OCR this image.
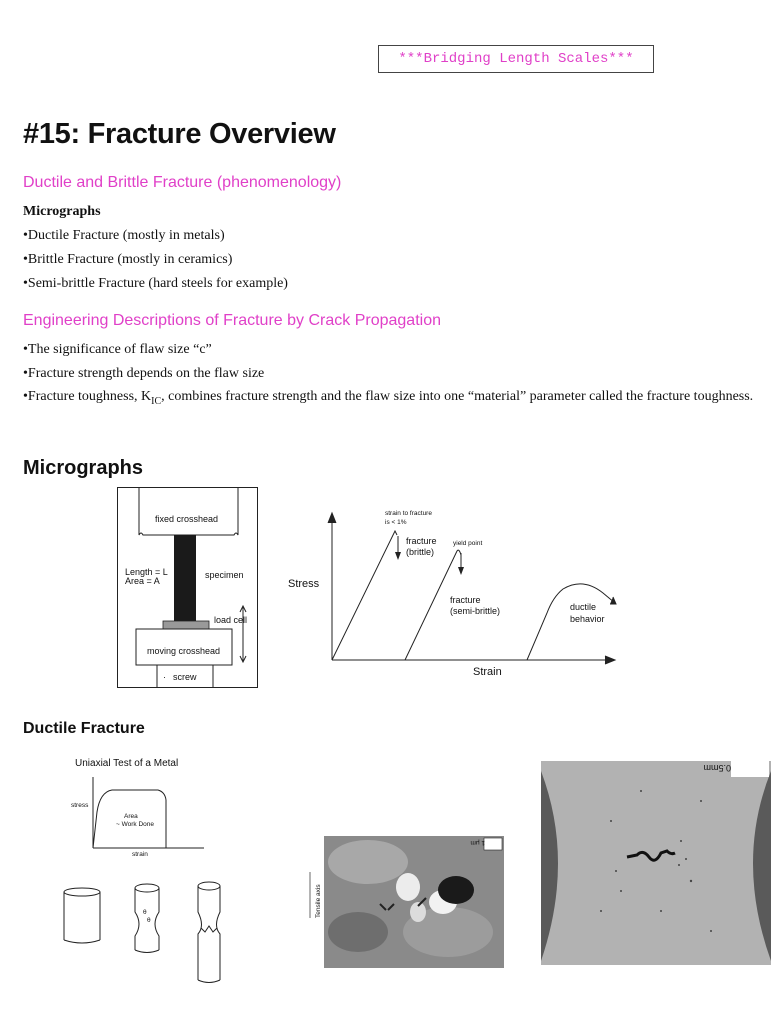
***Bridging Length Scales***
#15: Fracture Overview
Ductile and Brittle Fracture (phenomenology)
Micrographs
•Ductile Fracture (mostly in metals)
•Brittle Fracture (mostly in ceramics)
•Semi-brittle Fracture (hard steels for example)
Engineering Descriptions of Fracture by Crack Propagation
•The significance of flaw size “c”
•Fracture strength depends on the flaw size
•Fracture toughness, $K_{IC}$, combines fracture strength and the flaw size into one “material” parameter called the fracture toughness.
Micrographs
fixed crosshead
Length = L
Area = A
specimen
load cell
moving crosshead
· screw
Stress
Strain
strain to fracture
is < 1%
fracture
(brittle)
yield point
fracture
(semi-brittle)	ductile
behavior
Ductile Fracture
Uniaxial Test of a Metal
stress
strain
Area
~ Work Done
θ
θ
1 μm
Tensile axis
0.5mm
